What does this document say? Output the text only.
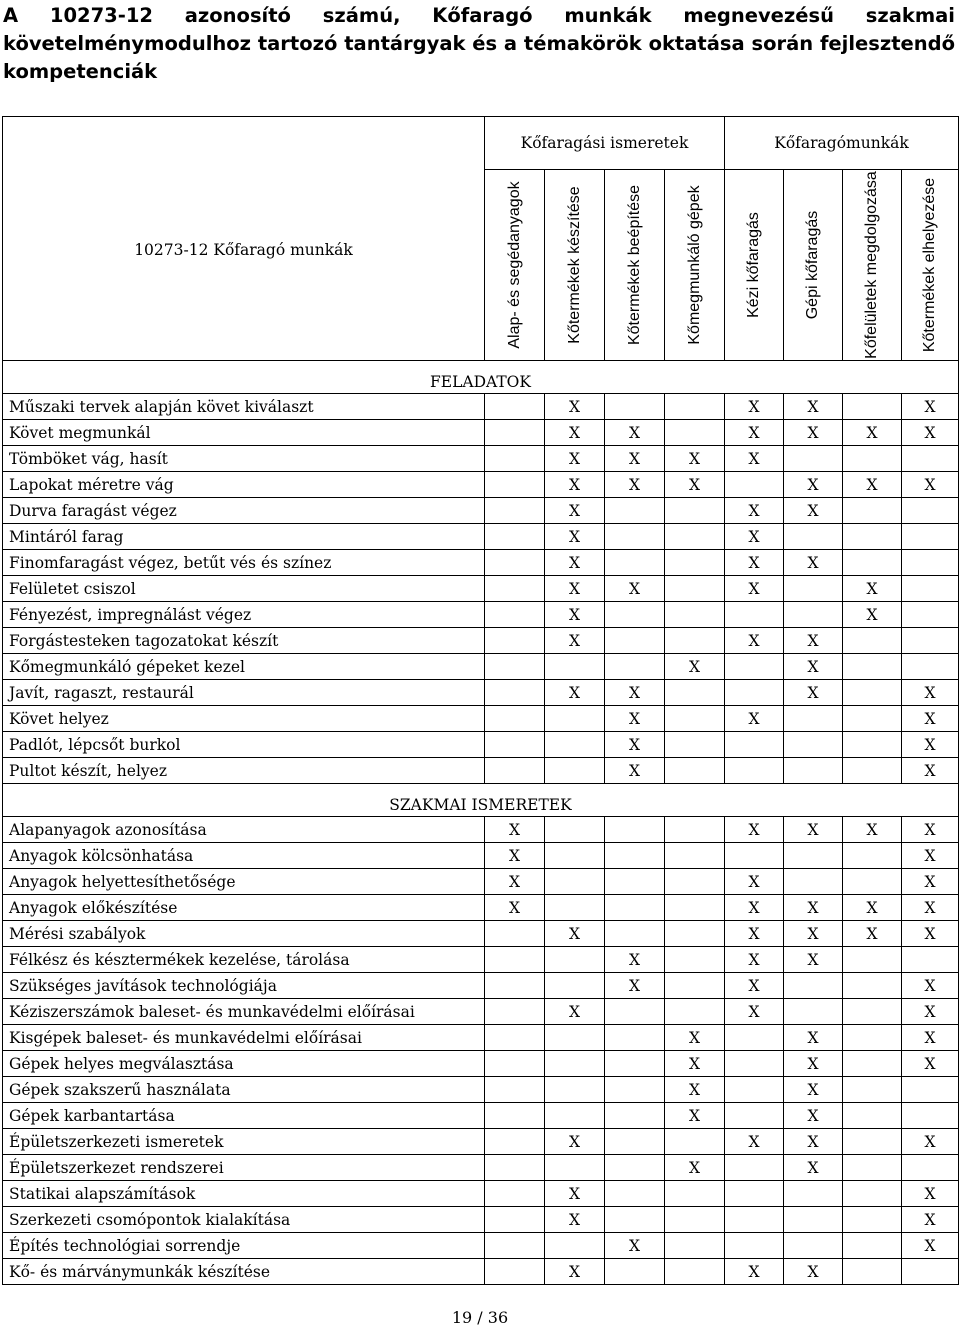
A 10273-12 azonosító számú, Kőfaragó munkák megnevezésű szakmai követelménymodulhoz tartozó tantárgyak és a témakörök oktatása során fejlesztendő kompetenciák
10273-12 Kőfaragó munkák	Kőfaragási ismeretek				Kőfaragómunkák			

	Alap- és segédanyagok	Kőtermékek készítése	Kőtermékek beépítése	Kőmegmunkáló gépek	Kézi kőfaragás	Gépi kőfaragás	Kőfelületek megdolgozása	Kőtermékek elhelyezése

FELADATOK								
Műszaki tervek alapján követ kiválaszt		X			X	X		X
Követ megmunkál		X	X		X	X	X	X
Tömböket vág, hasít		X	X	X	X			
Lapokat méretre vág		X	X	X		X	X	X
Durva faragást végez		X			X	X		
Mintáról farag		X			X			
Finomfaragást végez, betűt vés és színez		X			X	X		
Felületet csiszol		X	X		X		X	
Fényezést, impregnálást végez		X					X	
Forgástesteken tagozatokat készít		X			X	X		
Kőmegmunkáló gépeket kezel				X		X		
Javít, ragaszt, restaurál		X	X			X		X
Követ helyez			X		X			X
Padlót, lépcsőt burkol			X					X
Pultot készít, helyez			X					X
SZAKMAI ISMERETEK								
Alapanyagok azonosítása	X				X	X	X	X
Anyagok kölcsönhatása	X							X
Anyagok helyettesíthetősége	X				X			X
Anyagok előkészítése	X				X	X	X	X
Mérési szabályok		X			X	X	X	X
Félkész és késztermékek kezelése, tárolása			X		X	X		
Szükséges javítások technológiája			X		X			X
Kéziszerszámok baleset- és munkavédelmi előírásai		X			X			X
Kisgépek baleset- és munkavédelmi előírásai				X		X		X
Gépek helyes megválasztása				X		X		X
Gépek szakszerű használata				X		X		
Gépek karbantartása				X		X		
Épületszerkezeti ismeretek		X			X	X		X
Épületszerkezet rendszerei				X		X		
Statikai alapszámítások		X						X
Szerkezeti csomópontok kialakítása		X						X
Építés technológiai sorrendje			X					X
Kő- és márványmunkák készítése		X			X	X		
19 / 36
